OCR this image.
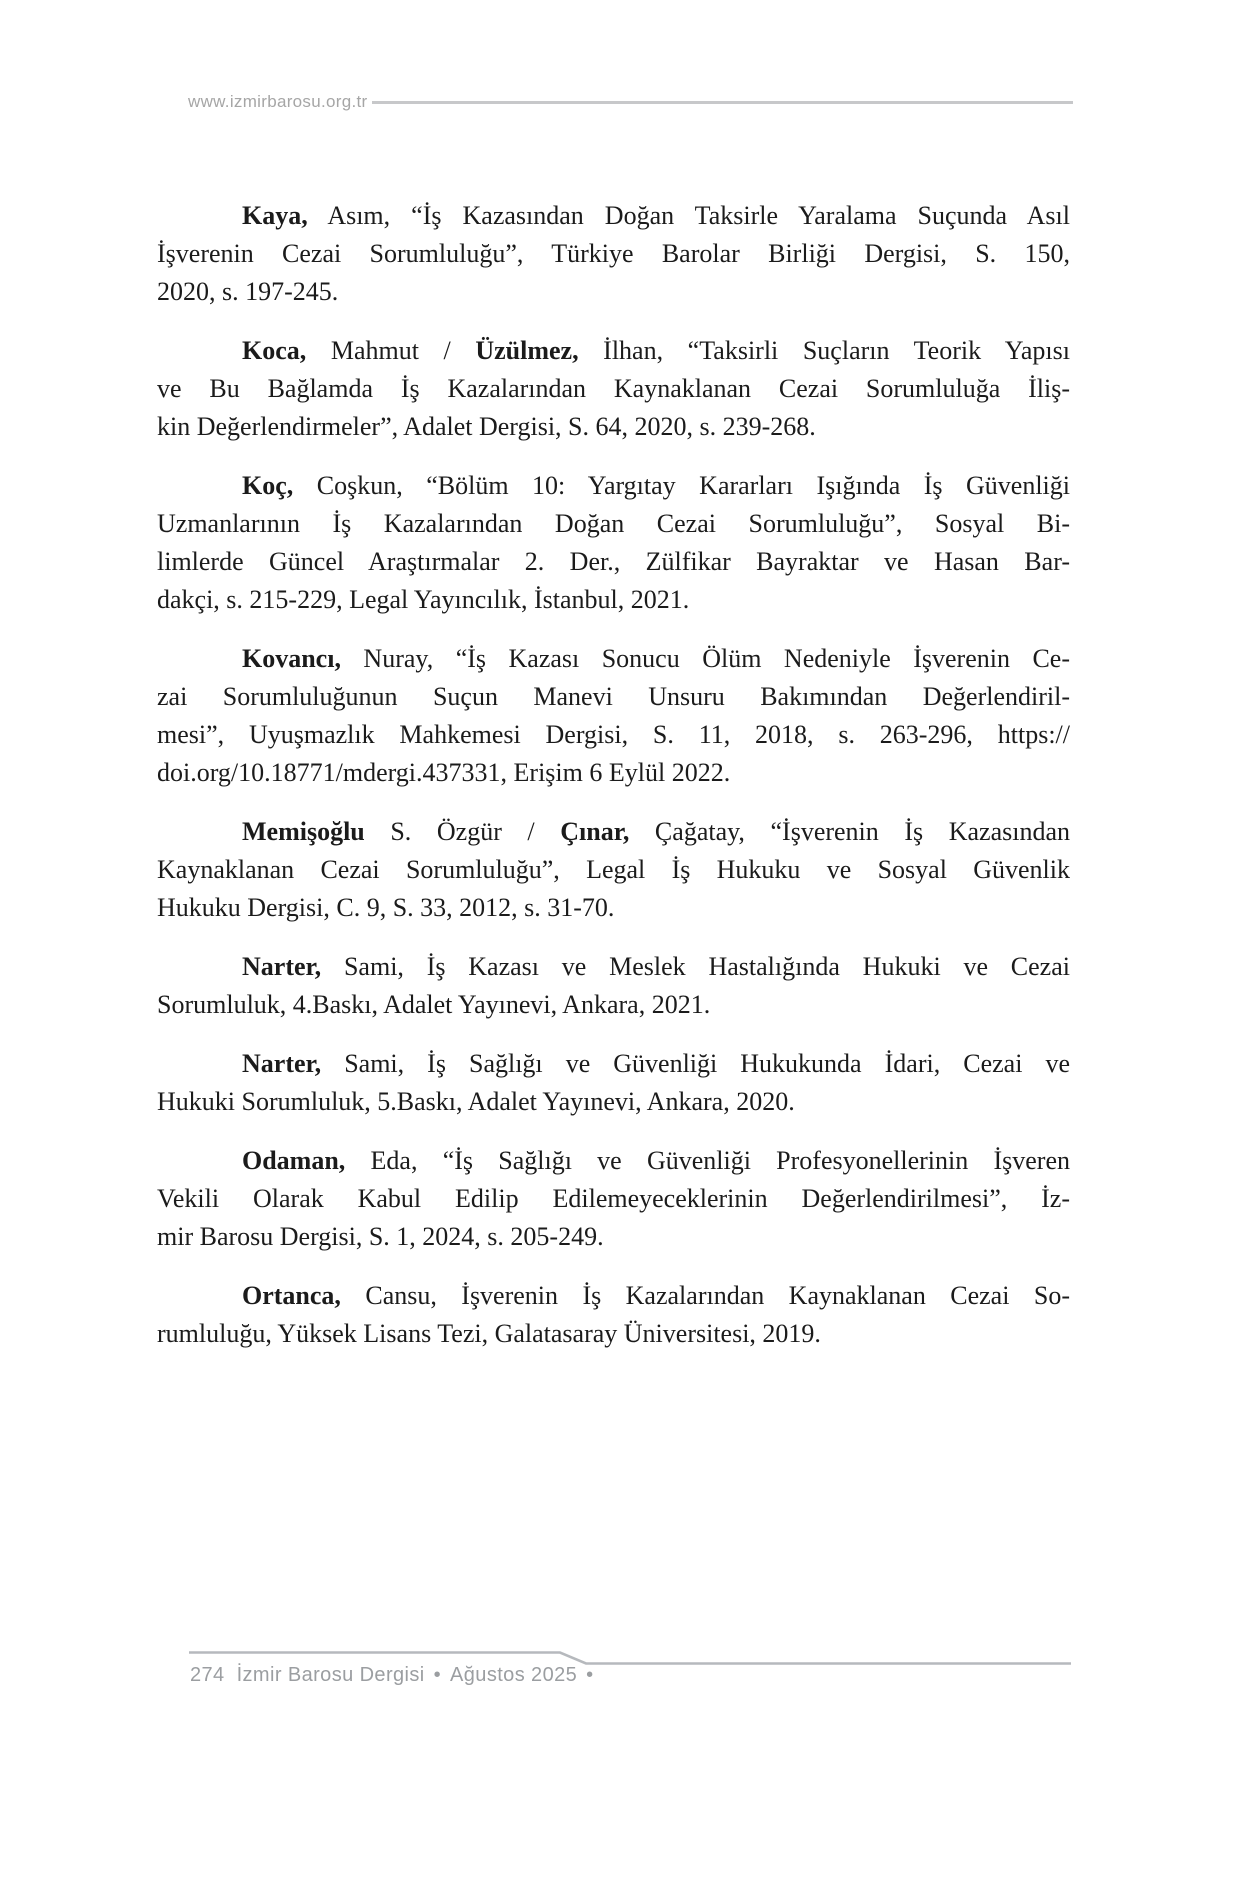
www.izmirbarosu.org.tr
Kaya, Asım, “İş Kazasından Doğan Taksirle Yaralama Suçunda Asıl
İşverenin Cezai Sorumluluğu”, Türkiye Barolar Birliği Dergisi, S. 150,
2020, s. 197-245.
Koca, Mahmut / Üzülmez, İlhan, “Taksirli Suçların Teorik Yapısı
ve Bu Bağlamda İş Kazalarından Kaynaklanan Cezai Sorumluluğa İliş-
kin Değerlendirmeler”, Adalet Dergisi, S. 64, 2020, s. 239-268.
Koç, Coşkun, “Bölüm 10: Yargıtay Kararları Işığında İş Güvenliği
Uzmanlarının İş Kazalarından Doğan Cezai Sorumluluğu”, Sosyal Bi-
limlerde Güncel Araştırmalar 2. Der., Zülfikar Bayraktar ve Hasan Bar-
dakçi, s. 215-229, Legal Yayıncılık, İstanbul, 2021.
Kovancı, Nuray, “İş Kazası Sonucu Ölüm Nedeniyle İşverenin Ce-
zai Sorumluluğunun Suçun Manevi Unsuru Bakımından Değerlendiril-
mesi”, Uyuşmazlık Mahkemesi Dergisi, S. 11, 2018, s. 263-296, https://
doi.org/10.18771/mdergi.437331, Erişim 6 Eylül 2022.
Memişoğlu S. Özgür / Çınar, Çağatay, “İşverenin İş Kazasından
Kaynaklanan Cezai Sorumluluğu”, Legal İş Hukuku ve Sosyal Güvenlik
Hukuku Dergisi, C. 9, S. 33, 2012, s. 31-70.
Narter, Sami, İş Kazası ve Meslek Hastalığında Hukuki ve Cezai
Sorumluluk, 4.Baskı, Adalet Yayınevi, Ankara, 2021.
Narter, Sami, İş Sağlığı ve Güvenliği Hukukunda İdari, Cezai ve
Hukuki Sorumluluk, 5.Baskı, Adalet Yayınevi, Ankara, 2020.
Odaman, Eda, “İş Sağlığı ve Güvenliği Profesyonellerinin İşveren
Vekili Olarak Kabul Edilip Edilemeyeceklerinin Değerlendirilmesi”, İz-
mir Barosu Dergisi, S. 1, 2024, s. 205-249.
Ortanca, Cansu, İşverenin İş Kazalarından Kaynaklanan Cezai So-
rumluluğu, Yüksek Lisans Tezi, Galatasaray Üniversitesi, 2019.
274 İzmir Barosu Dergisi • Ağustos 2025 •
